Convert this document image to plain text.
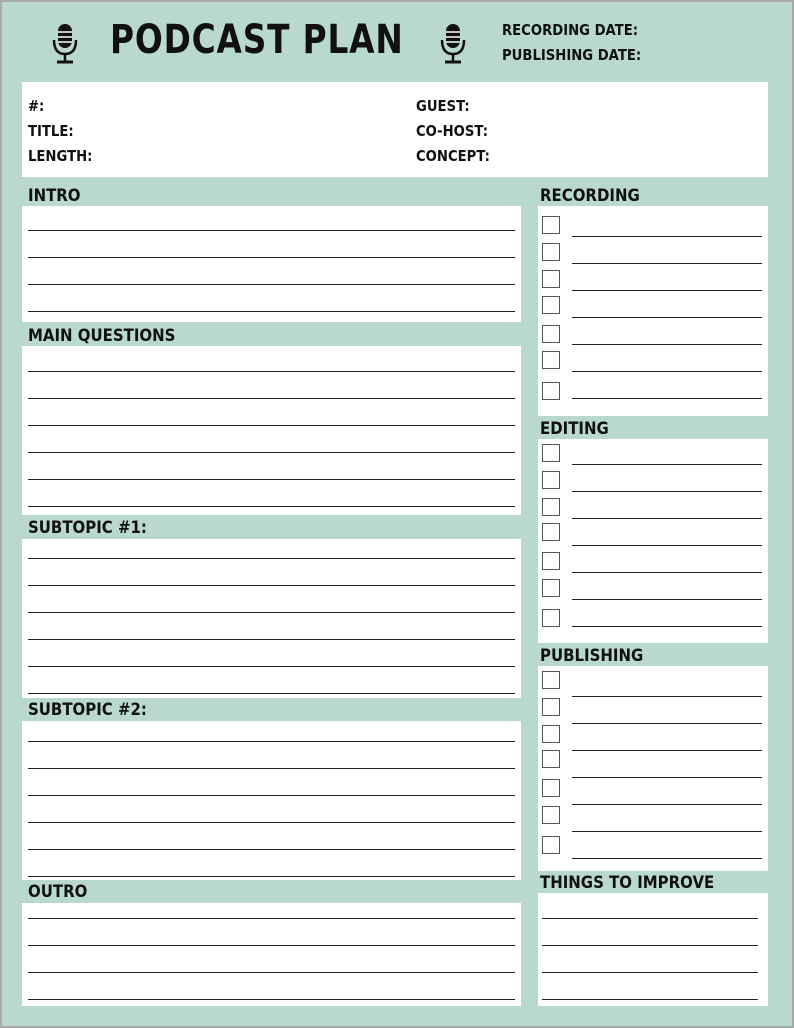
PODCAST PLAN	RECORDING DATE:
PUBLISHING DATE:
#:
TITLE:
LENGTH:
GUEST:
CO-HOST:
CONCEPT:
INTRO
MAIN QUESTIONS
SUBTOPIC #1:
SUBTOPIC #2:
OUTRO
RECORDING
EDITING
PUBLISHING
THINGS TO IMPROVE
